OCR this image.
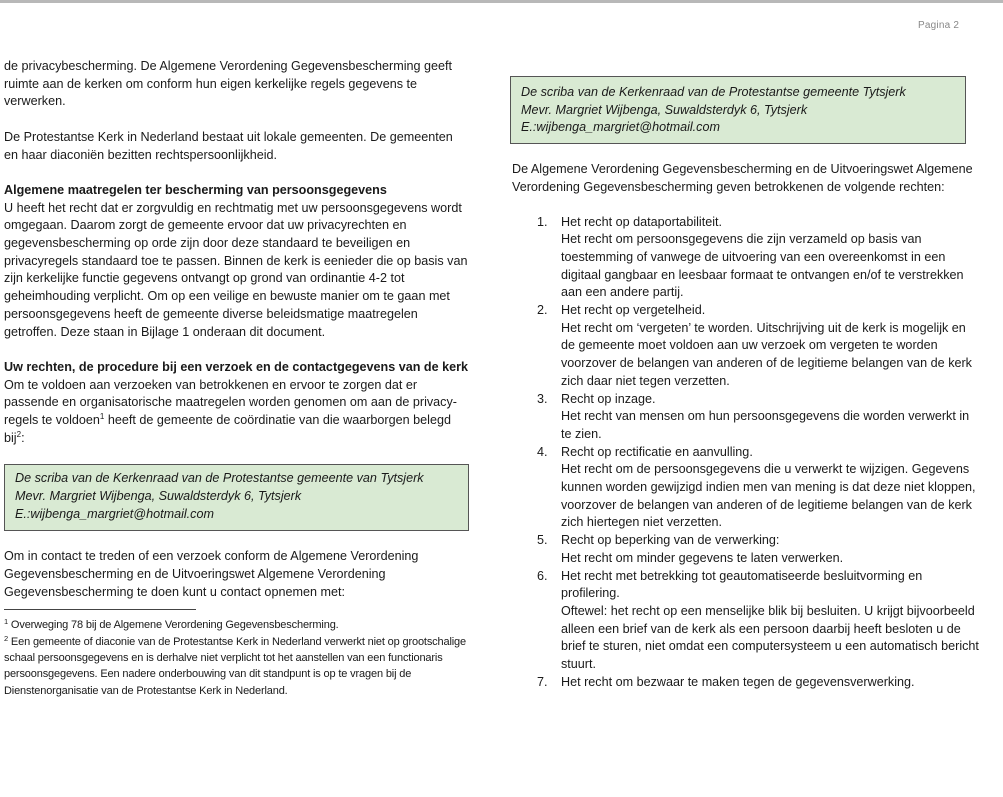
Pagina 2

de privacybescherming. De Algemene Verordening Gegevensbescherming geeft ruimte aan de kerken om conform hun eigen kerkelijke regels gegevens te verwerken.

De Protestantse Kerk in Nederland bestaat uit lokale gemeenten. De gemeenten en haar diaconiën bezitten rechtspersoonlijkheid.

Algemene maatregelen ter bescherming van persoonsgegevens

U heeft het recht dat er zorgvuldig en rechtmatig met uw persoonsgegevens wordt omgegaan. Daarom zorgt de gemeente ervoor dat uw privacyrechten en gegevensbescherming op orde zijn door deze standaard te beveiligen en privacyregels standaard toe te passen. Binnen de kerk is eenieder die op basis van zijn kerkelijke functie gegevens ontvangt op grond van ordinantie 4-2 tot geheimhouding verplicht. Om op een veilige en bewuste manier om te gaan met persoonsgegevens heeft de gemeente diverse beleidsmatige maatregelen getroffen. Deze staan in Bijlage 1 onderaan dit document.

Uw rechten, de procedure bij een verzoek en de contactgegevens van de kerk

Om te voldoen aan verzoeken van betrokkenen en ervoor te zorgen dat er passende en organisatorische maatregelen worden genomen om aan de privacy-regels te voldoen$^1$ heeft de gemeente de coördinatie van die waarborgen belegd bij$^2$:

De scriba van de Kerkenraad van de Protestantse gemeente van Tytsjerk
Mevr. Margriet Wijbenga, Suwaldsterdyk 6, Tytsjerk
E.:wijbenga_margriet@hotmail.com

Om in contact te treden of een verzoek conform de Algemene Verordening Gegevensbescherming en de Uitvoeringswet Algemene Verordening Gegevensbescherming te doen kunt u contact opnemen met:

$^1$ Overweging 78 bij de Algemene Verordening Gegevensbescherming.

$^2$ Een gemeente of diaconie van de Protestantse Kerk in Nederland verwerkt niet op grootschalige schaal persoonsgegevens en is derhalve niet verplicht tot het aanstellen van een functionaris persoonsgegevens. Een nadere onderbouwing van dit standpunt is op te vragen bij de Dienstenorganisatie van de Protestantse Kerk in Nederland.

De scriba van de Kerkenraad van de Protestantse gemeente Tytsjerk
Mevr. Margriet Wijbenga, Suwaldsterdyk 6, Tytsjerk
E.:wijbenga_margriet@hotmail.com

De Algemene Verordening Gegevensbescherming en de Uitvoeringswet Algemene Verordening Gegevensbescherming geven betrokkenen de volgende rechten:

1. Het recht op dataportabiliteit.
Het recht om persoonsgegevens die zijn verzameld op basis van toestemming of vanwege de uitvoering van een overeenkomst in een digitaal gangbaar en leesbaar formaat te ontvangen en/of te verstrekken aan een andere partij.
2. Het recht op vergetelheid.
Het recht om ‘vergeten’ te worden. Uitschrijving uit de kerk is mogelijk en de gemeente moet voldoen aan uw verzoek om vergeten te worden voorzover de belangen van anderen of de legitieme belangen van de kerk zich daar niet tegen verzetten.
3. Recht op inzage.
Het recht van mensen om hun persoonsgegevens die worden verwerkt in te zien.
4. Recht op rectificatie en aanvulling.
Het recht om de persoonsgegevens die u verwerkt te wijzigen. Gegevens kunnen worden gewijzigd indien men van mening is dat deze niet kloppen, voorzover de belangen van anderen of de legitieme belangen van de kerk zich hiertegen niet verzetten.
5. Recht op beperking van de verwerking:
Het recht om minder gegevens te laten verwerken.
6. Het recht met betrekking tot geautomatiseerde besluitvorming en profilering.
Oftewel: het recht op een menselijke blik bij besluiten. U krijgt bijvoorbeeld alleen een brief van de kerk als een persoon daarbij heeft besloten u de brief te sturen, niet omdat een computersysteem u een automatisch bericht stuurt.
7. Het recht om bezwaar te maken tegen de gegevensverwerking.
